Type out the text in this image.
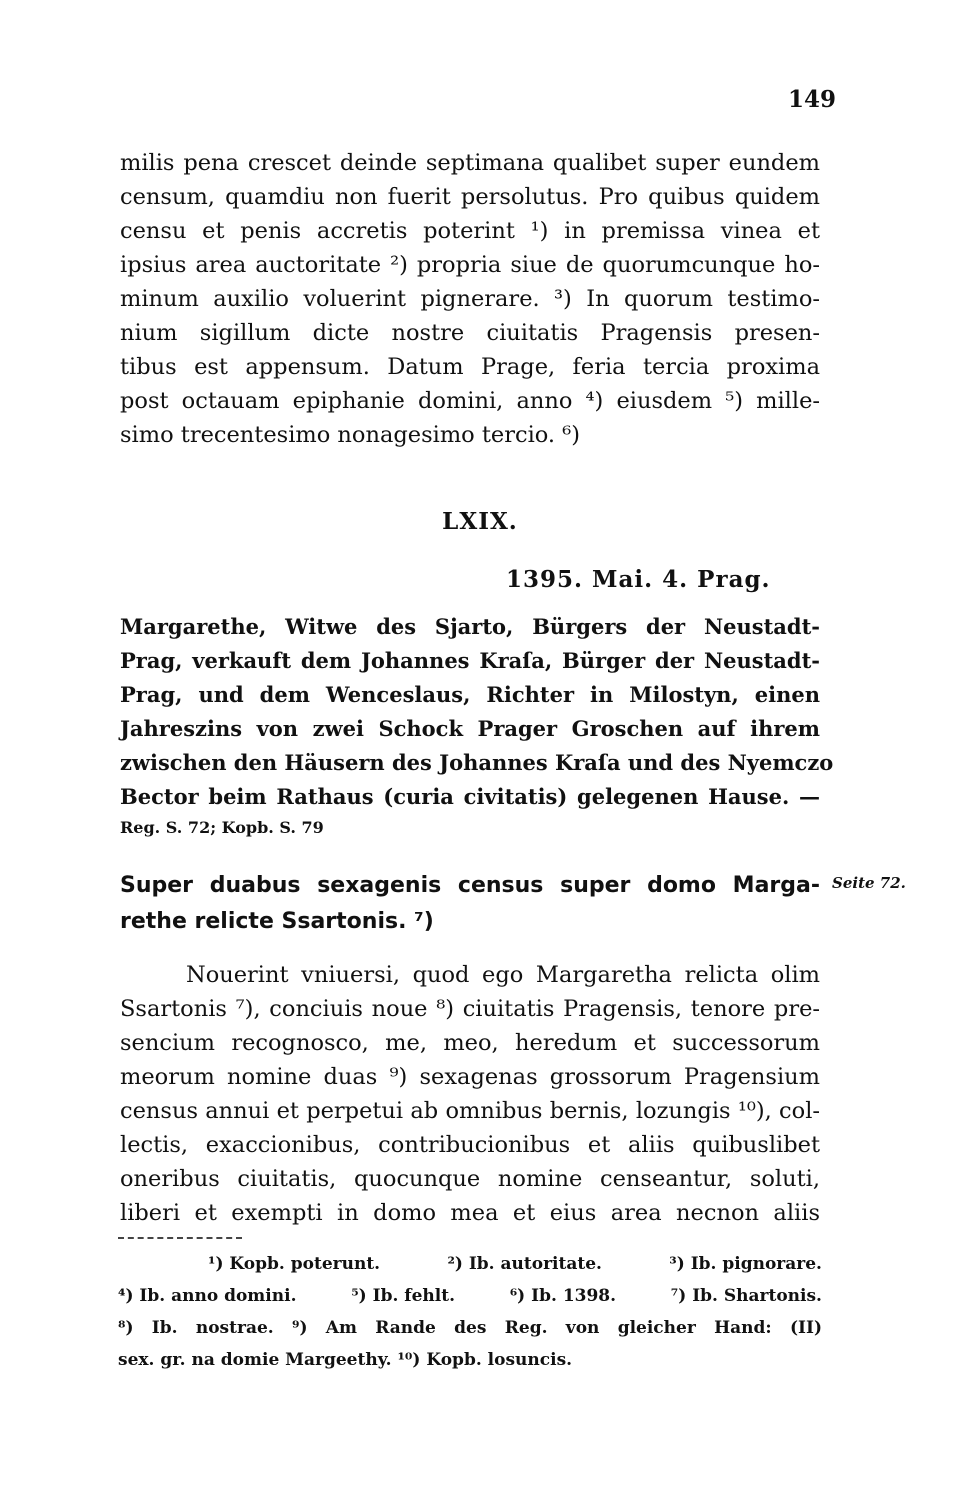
149
milis pena crescet deinde septimana qualibet super eundem
censum, quamdiu non fuerit persolutus. Pro quibus quidem
censu et penis accretis poterint ¹) in premissa vinea et
ipsius area auctoritate ²) propria siue de quorumcunque ho-
minum auxilio voluerint pignerare. ³) In quorum testimo-
nium sigillum dicte nostre ciuitatis Pragensis presen-
tibus est appensum. Datum Prage, feria tercia proxima
post octauam epiphanie domini, anno ⁴) eiusdem ⁵) mille-
simo trecentesimo nonagesimo tercio. ⁶)
LXIX.
1395. Mai. 4. Prag.
Margarethe, Witwe des Sjarto, Bürgers der Neustadt-
Prag, verkauft dem Johannes Kraſa, Bürger der Neustadt-
Prag, und dem Wenceslaus, Richter in Milostyn, einen
Jahreszins von zwei Schock Prager Groschen auf ihrem
zwischen den Häusern des Johannes Kraſa und des Nyemczo
Bector beim Rathaus (curia civitatis) gelegenen Hause. —
Reg. S. 72; Kopb. S. 79
Super duabus sexagenis census super domo Marga-
rethe relicte Ssartonis. ⁷)
Seite 72.
Nouerint vniuersi, quod ego Margaretha relicta olim
Ssartonis ⁷), conciuis noue ⁸) ciuitatis Pragensis, tenore pre-
sencium recognosco, me, meo, heredum et successorum
meorum nomine duas ⁹) sexagenas grossorum Pragensium
census annui et perpetui ab omnibus bernis, lozungis ¹⁰), col-
lectis, exaccionibus, contribucionibus et aliis quibuslibet
oneribus ciuitatis, quocunque nomine censeantur, soluti,
liberi et exempti in domo mea et eius area necnon aliis
¹) Kopb. poterunt.	²) Ib. autoritate.	³) Ib. pignorare.
⁴) Ib. anno domini.	⁵) Ib. fehlt.	⁶) Ib. 1398.	⁷) Ib. Shartonis.
⁸) Ib. nostrae. ⁹) Am Rande des Reg. von gleicher Hand: (II)
sex. gr. na domie Margeethy. ¹⁰) Kopb. losuncis.
